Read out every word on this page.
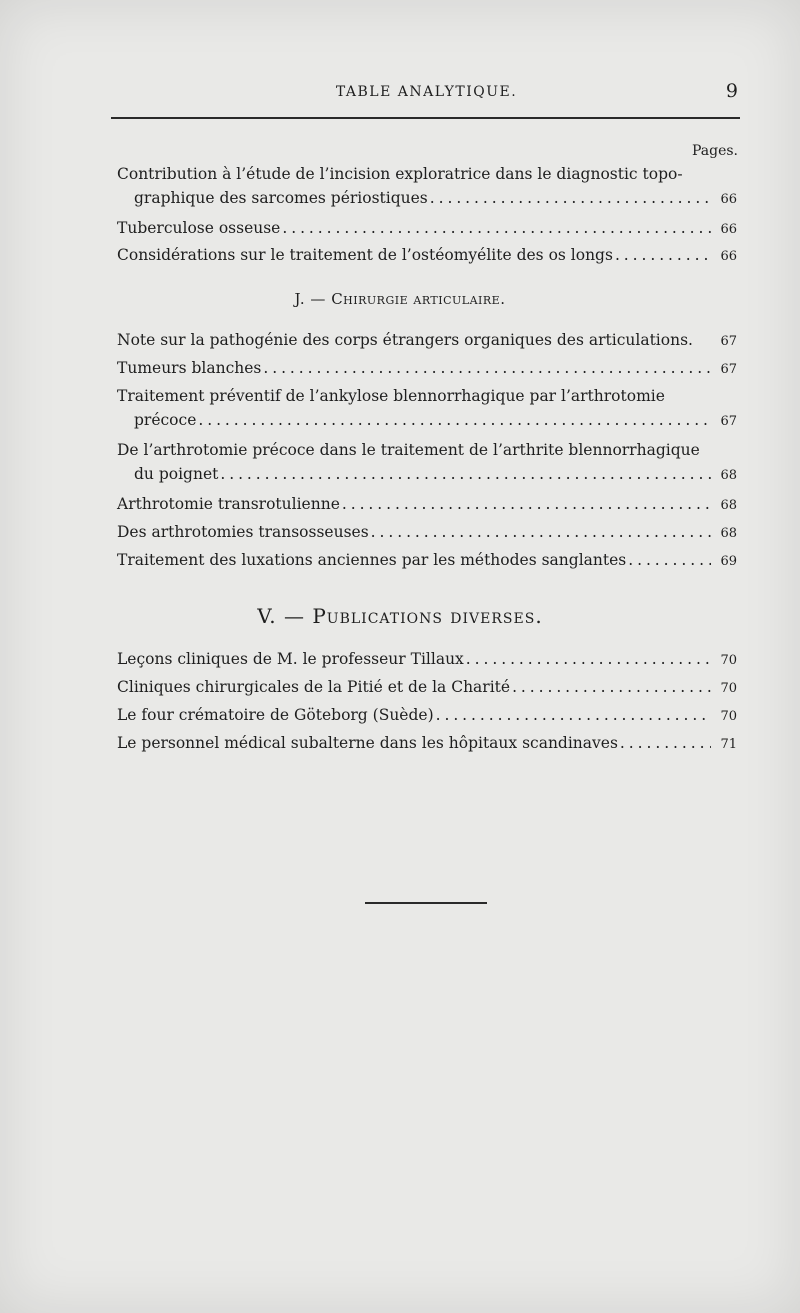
TABLE ANALYTIQUE.	9
Pages.
Contribution à l’étude de l’incision exploratrice dans le diagnostic topo-
graphique des sarcomes périostiques . . .	66
Tuberculose osseuse . . .	66
Considérations sur le traitement de l’ostéomyélite des os longs . . .	66
J. — Chirurgie articulaire.
Note sur la pathogénie des corps étrangers organiques des articulations.	67
Tumeurs blanches . . .	67
Traitement préventif de l’ankylose blennorrhagique par l’arthrotomie
précoce . . .	67
De l’arthrotomie précoce dans le traitement de l’arthrite blennorrhagique
du poignet . . .	68
Arthrotomie transrotulienne . . .	68
Des arthrotomies transosseuses . . .	68
Traitement des luxations anciennes par les méthodes sanglantes . . .	69
V. — Publications diverses.
Leçons cliniques de M. le professeur Tillaux . . .	70
Cliniques chirurgicales de la Pitié et de la Charité . . .	70
Le four crématoire de Göteborg (Suède) . . .	70
Le personnel médical subalterne dans les hôpitaux scandinaves . . .	71
